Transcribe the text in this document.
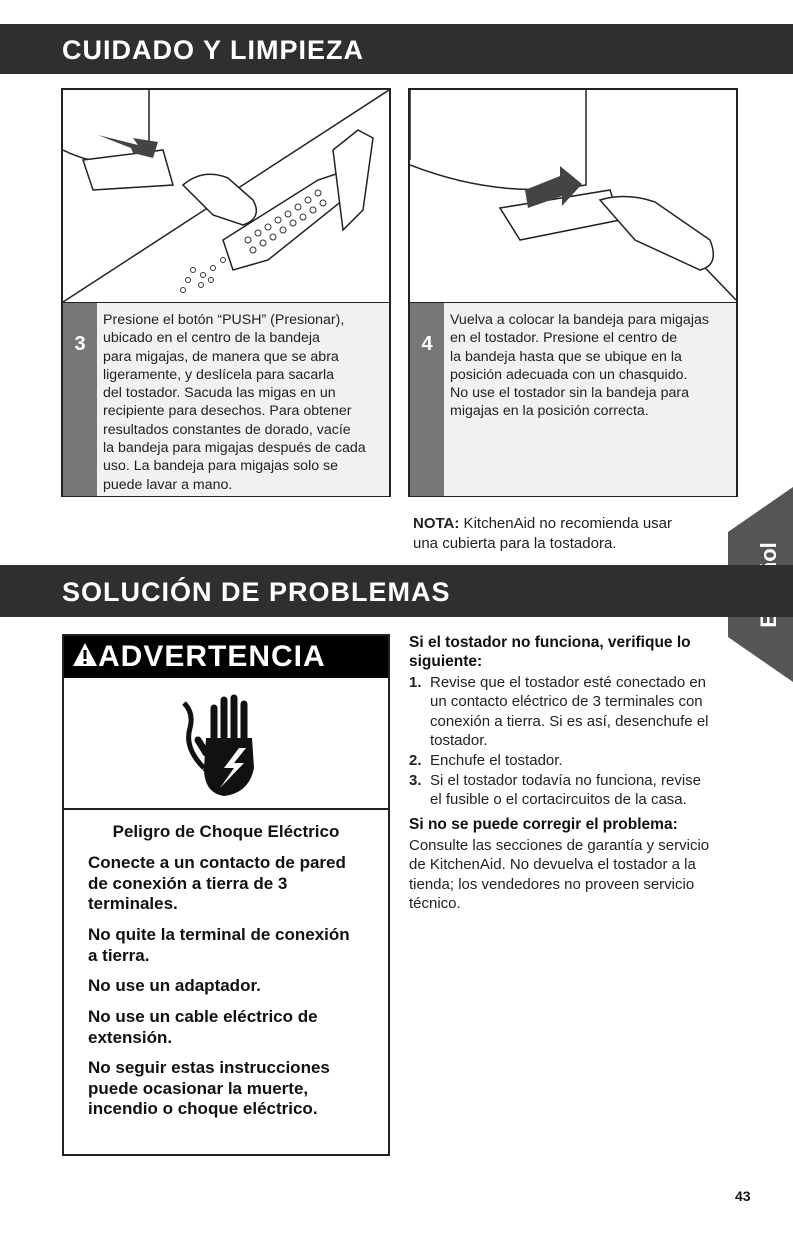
CUIDADO Y LIMPIEZA
3
Presione el botón “PUSH” (Presionar),
ubicado en el centro de la bandeja
para migajas, de manera que se abra
ligeramente, y deslícela para sacarla
del tostador. Sacuda las migas en un
recipiente para desechos. Para obtener
resultados constantes de dorado, vacíe
la bandeja para migajas después de cada
uso. La bandeja para migajas solo se
puede lavar a mano.
4
Vuelva a colocar la bandeja para migajas
en el tostador. Presione el centro de
la bandeja hasta que se ubique en la
posición adecuada con un chasquido.
No use el tostador sin la bandeja para
migajas en la posición correcta.
NOTA: KitchenAid no recomienda usar
una cubierta para la tostadora.
SOLUCIÓN DE PROBLEMAS
ADVERTENCIA
Peligro de Choque Eléctrico
Conecte a un contacto de pared
de conexión a tierra de 3
terminales.
No quite la terminal de conexión
a tierra.
No use un adaptador.
No use un cable eléctrico de
extensión.
No seguir estas instrucciones
puede ocasionar la muerte,
incendio o choque eléctrico.
Si el tostador no funciona, verifique lo
siguiente:
1. Revise que el tostador esté conectado en
un contacto eléctrico de 3 terminales con
conexión a tierra. Si es así, desenchufe el
tostador.
2. Enchufe el tostador.
3. Si el tostador todavía no funciona, revise
el fusible o el cortacircuitos de la casa.
Si no se puede corregir el problema:
Consulte las secciones de garantía y servicio
de KitchenAid. No devuelva el tostador a la
tienda; los vendedores no proveen servicio
técnico.
43
